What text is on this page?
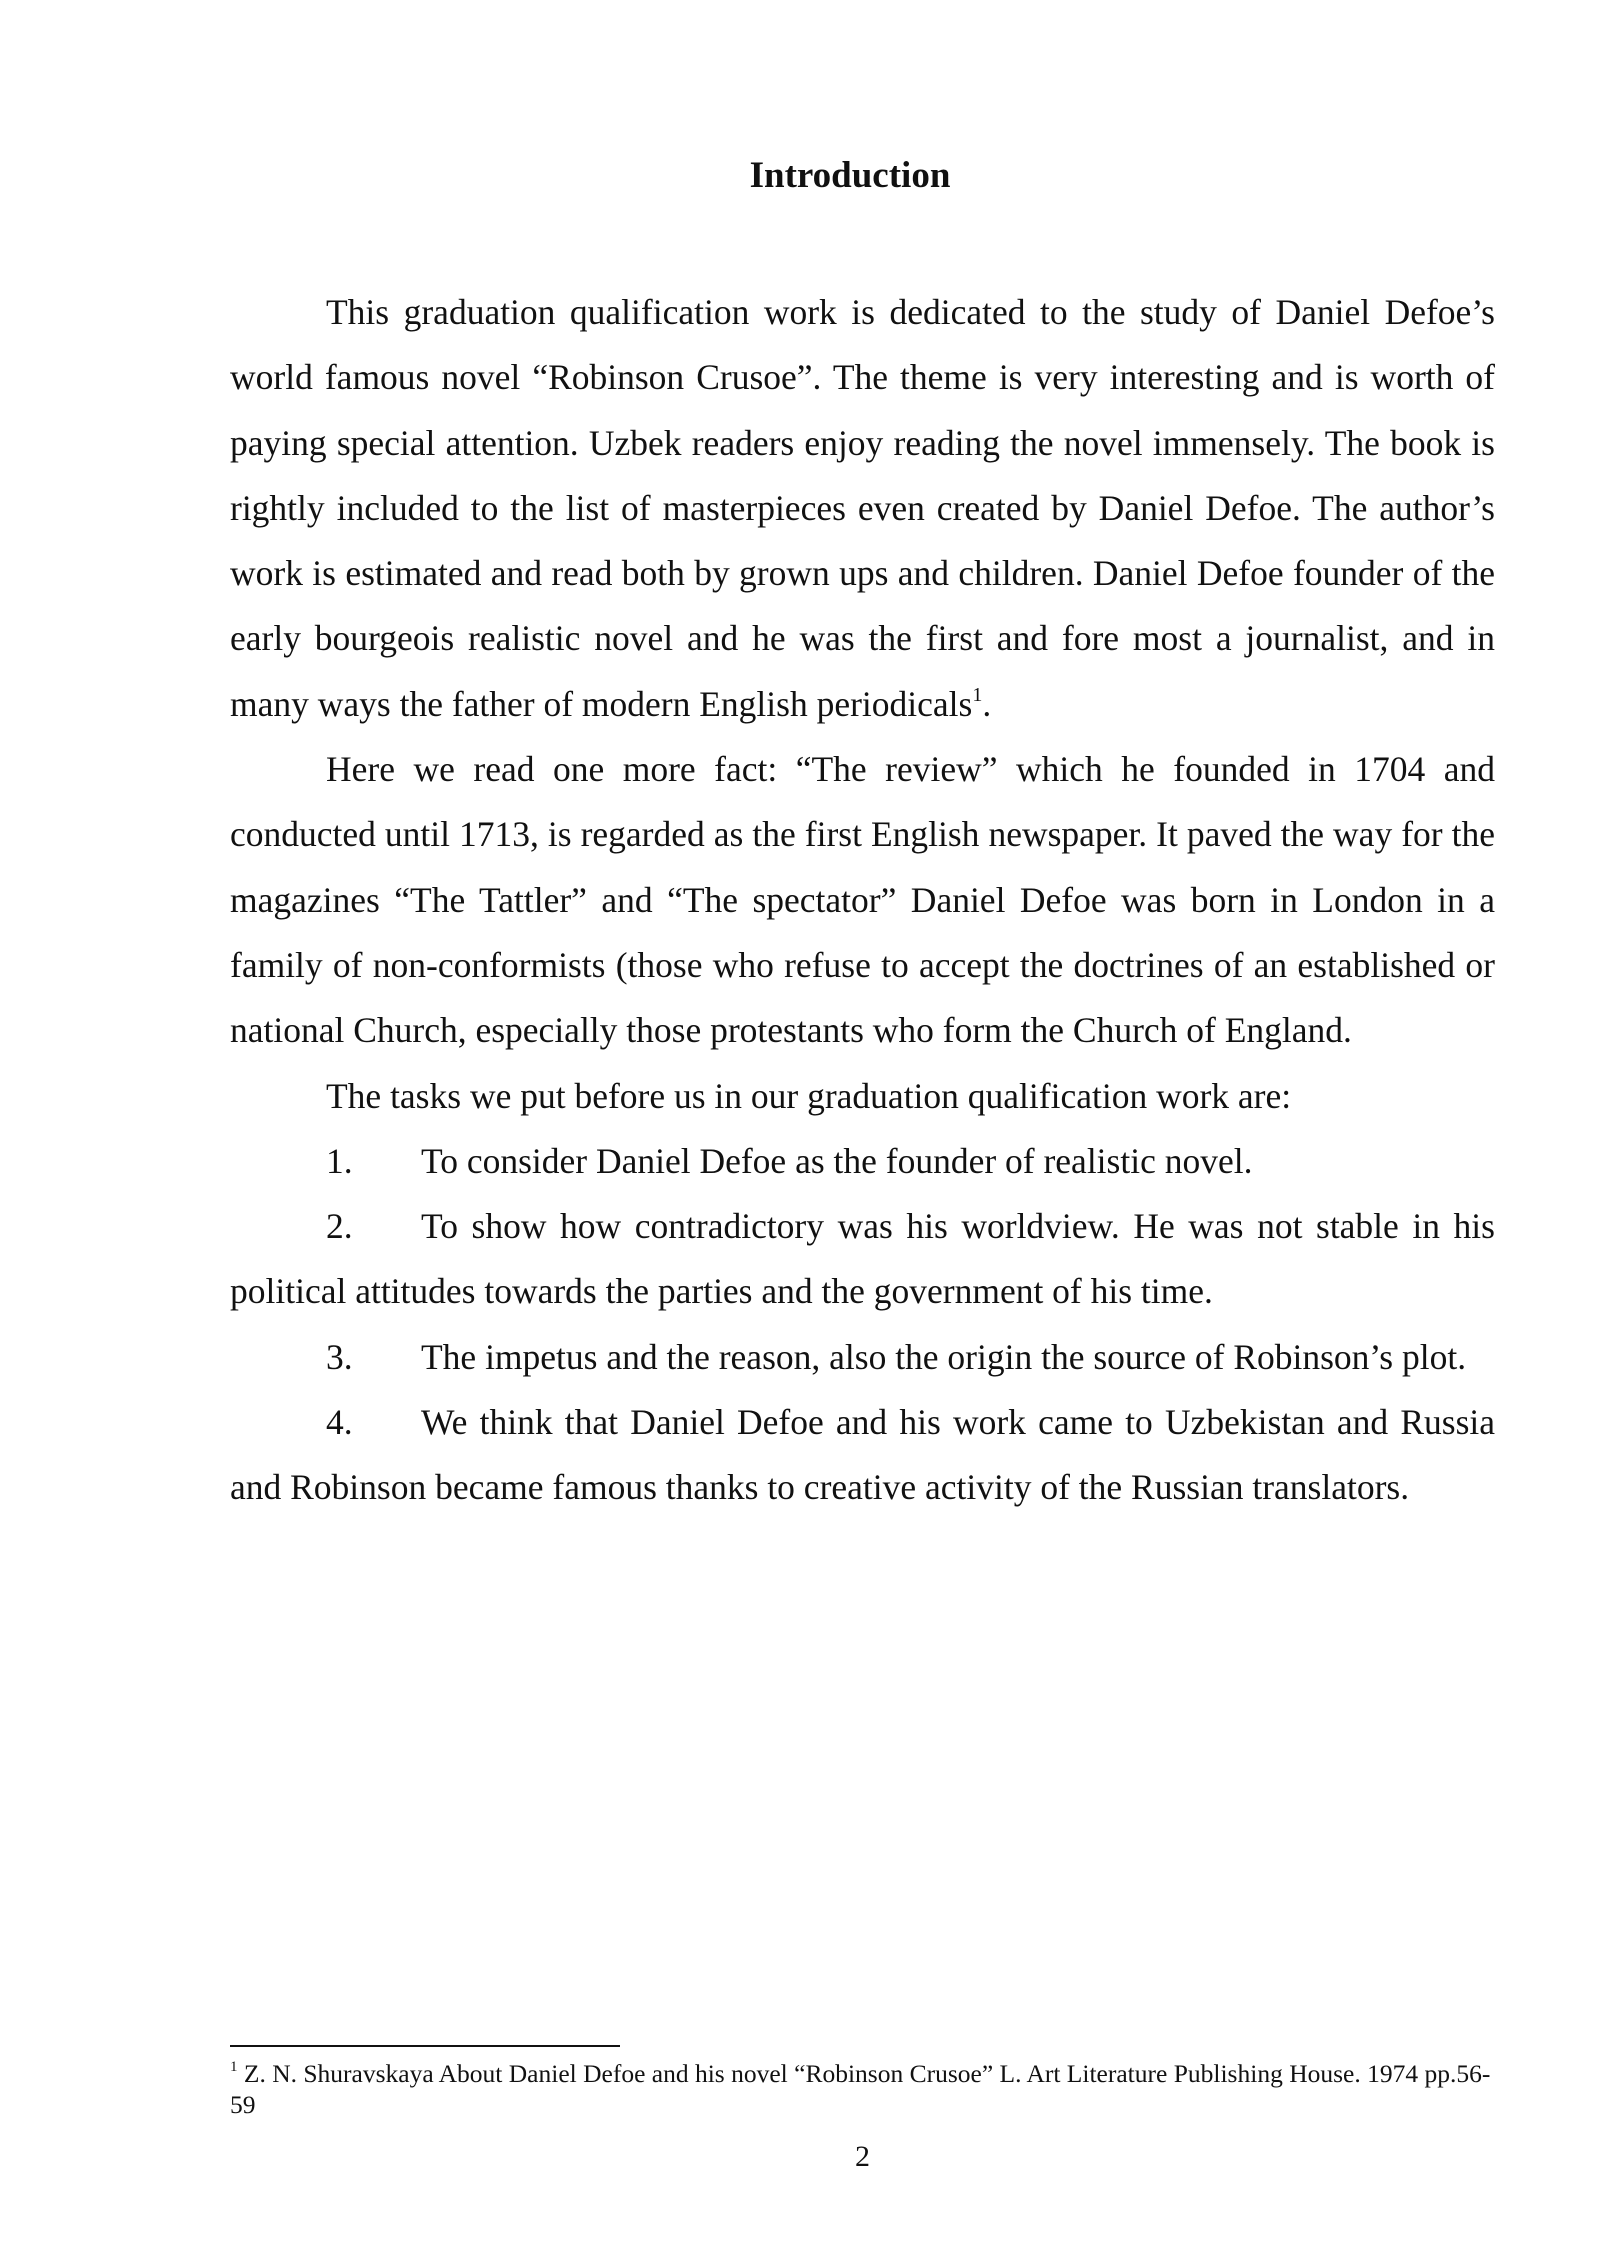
Introduction

This graduation qualification work is dedicated to the study of Daniel Defoe’s world famous novel “Robinson Crusoe”. The theme is very interesting and is worth of paying special attention. Uzbek readers enjoy reading the novel immensely. The book is rightly included to the list of masterpieces even created by Daniel Defoe. The author’s work is estimated and read both by grown ups and children. Daniel Defoe founder of the early bourgeois realistic novel and he was the first and fore most a journalist, and in many ways the father of modern English periodicals$^1$.

Here we read one more fact: “The review” which he founded in 1704 and conducted until 1713, is regarded as the first English newspaper. It paved the way for the magazines “The Tattler” and “The spectator” Daniel Defoe was born in London in a family of non-conformists (those who refuse to accept the doctrines of an established or national Church, especially those protestants who form the Church of England.

The tasks we put before us in our graduation qualification work are:

1. To consider Daniel Defoe as the founder of realistic novel.

2. To show how contradictory was his worldview. He was not stable in his political attitudes towards the parties and the government of his time.

3. The impetus and the reason, also the origin the source of Robinson’s plot.

4. We think that Daniel Defoe and his work came to Uzbekistan and Russia and Robinson became famous thanks to creative activity of the Russian translators.

$^1$ Z. N. Shuravskaya About Daniel Defoe and his novel “Robinson Crusoe” L. Art Literature Publishing House. 1974 pp.56-59

2
